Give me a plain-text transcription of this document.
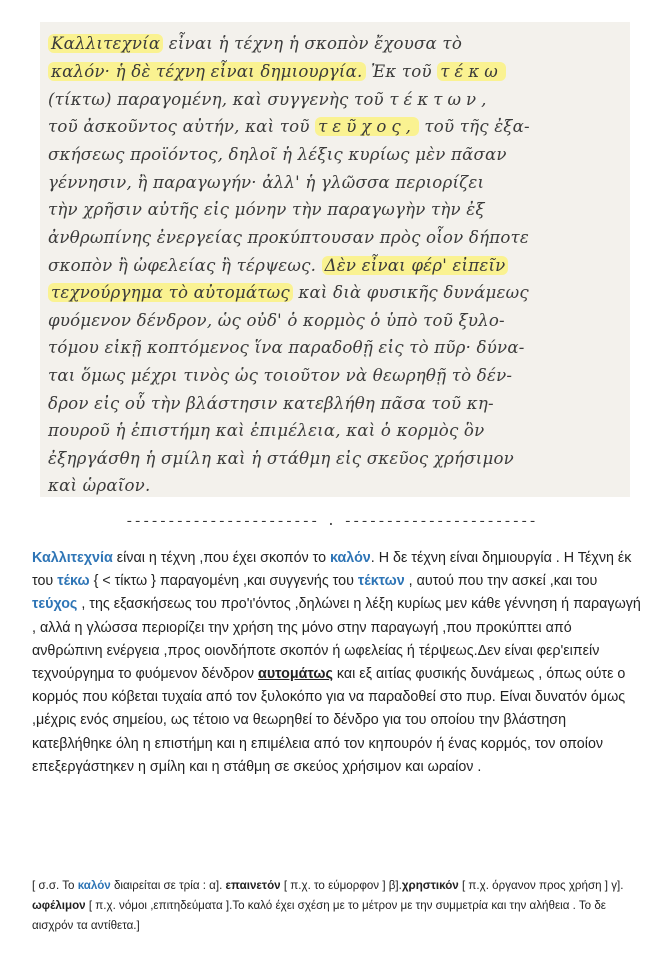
Καλλιτεχνία εἶναι ἡ τέχνη ἡ σκοπὸν ἔχουσα τὸ
καλόν· ἡ δὲ τέχνη εἶναι δημιουργία. Ἐκ τοῦ τέκω
(τίκτω) παραγομένη, καὶ συγγενὴς τοῦ τέκτων,
τοῦ ἀσκοῦντος αὐτήν, καὶ τοῦ τεῦχος, τοῦ τῆς ἐξα-
σκήσεως προϊόντος, δηλοῖ ἡ λέξις κυρίως μὲν πᾶσαν
γέννησιν, ἢ παραγωγήν· ἀλλ' ἡ γλῶσσα περιορίζει
τὴν χρῆσιν αὐτῆς εἰς μόνην τὴν παραγωγὴν τὴν ἐξ
ἀνθρωπίνης ἐνεργείας προκύπτουσαν πρὸς οἷον δήποτε
σκοπὸν ἢ ὠφελείας ἢ τέρψεως. Δὲν εἶναι φέρ' εἰπεῖν
τεχνούργημα τὸ αὐτομάτως καὶ διὰ φυσικῆς δυνάμεως
φυόμενον δένδρον, ὡς οὐδ' ὁ κορμὸς ὁ ὑπὸ τοῦ ξυλο-
τόμου εἰκῇ κοπτόμενος ἵνα παραδοθῇ εἰς τὸ πῦρ· δύνα-
ται ὅμως μέχρι τινὸς ὡς τοιοῦτον νὰ θεωρηθῇ τὸ δέν-
δρον εἰς οὗ τὴν βλάστησιν κατεβλήθη πᾶσα τοῦ κη-
πουροῦ ἡ ἐπιστήμη καὶ ἐπιμέλεια, καὶ ὁ κορμὸς ὃν
ἐξηργάσθη ἡ σμίλη καὶ ἡ στάθμη εἰς σκεῦος χρήσιμον
καὶ ὡραῖον.
----------------------- . -----------------------

Καλλιτεχνία είναι η τέχνη ,που έχει σκοπόν το καλόν. Η δε τέχνη είναι δημιουργία . Η Τέχνη έκ του τέκω { < τίκτω } παραγομένη ,και συγγενής του τέκτων , αυτού που την ασκεί ,και του τεύχος , της εξασκήσεως του προ'ι'όντος ,δηλώνει η λέξη κυρίως μεν κάθε γέννηση ή παραγωγή , αλλά η γλώσσα περιορίζει την χρήση της μόνο στην παραγωγή ,που προκύπτει από ανθρώπινη ενέργεια ,προς οιονδήποτε σκοπόν ή ωφελείας ή τέρψεως.Δεν είναι φερ'ειπείν τεχνούργημα το φυόμενον δένδρον αυτομάτως και εξ αιτίας φυσικής δυνάμεως , όπως ούτε ο κορμός που κόβεται τυχαία από τον ξυλοκόπο για να παραδοθεί στο πυρ. Είναι δυνατόν όμως ,μέχρις ενός σημείου, ως τέτοιο να θεωρηθεί το δένδρο για του οποίου την βλάστηση κατεβλήθηκε όλη η επιστήμη και η επιμέλεια από τον κηπουρόν ή ένας κορμός, τον οποίον επεξεργάστηκεν η σμίλη και η στάθμη σε σκεύος χρήσιμον και ωραίον .

[ σ.σ. Το καλόν διαιρείται σε τρία : α]. επαινετόν [ π.χ. το εύμορφον ] β].χρηστικόν [ π.χ. όργανον προς χρήση ] γ]. ωφέλιμον [ π.χ. νόμοι ,επιτηδεύματα ].Το καλό έχει σχέση με το μέτρον με την συμμετρία και την αλήθεια . Το δε αισχρόν τα αντίθετα.]
